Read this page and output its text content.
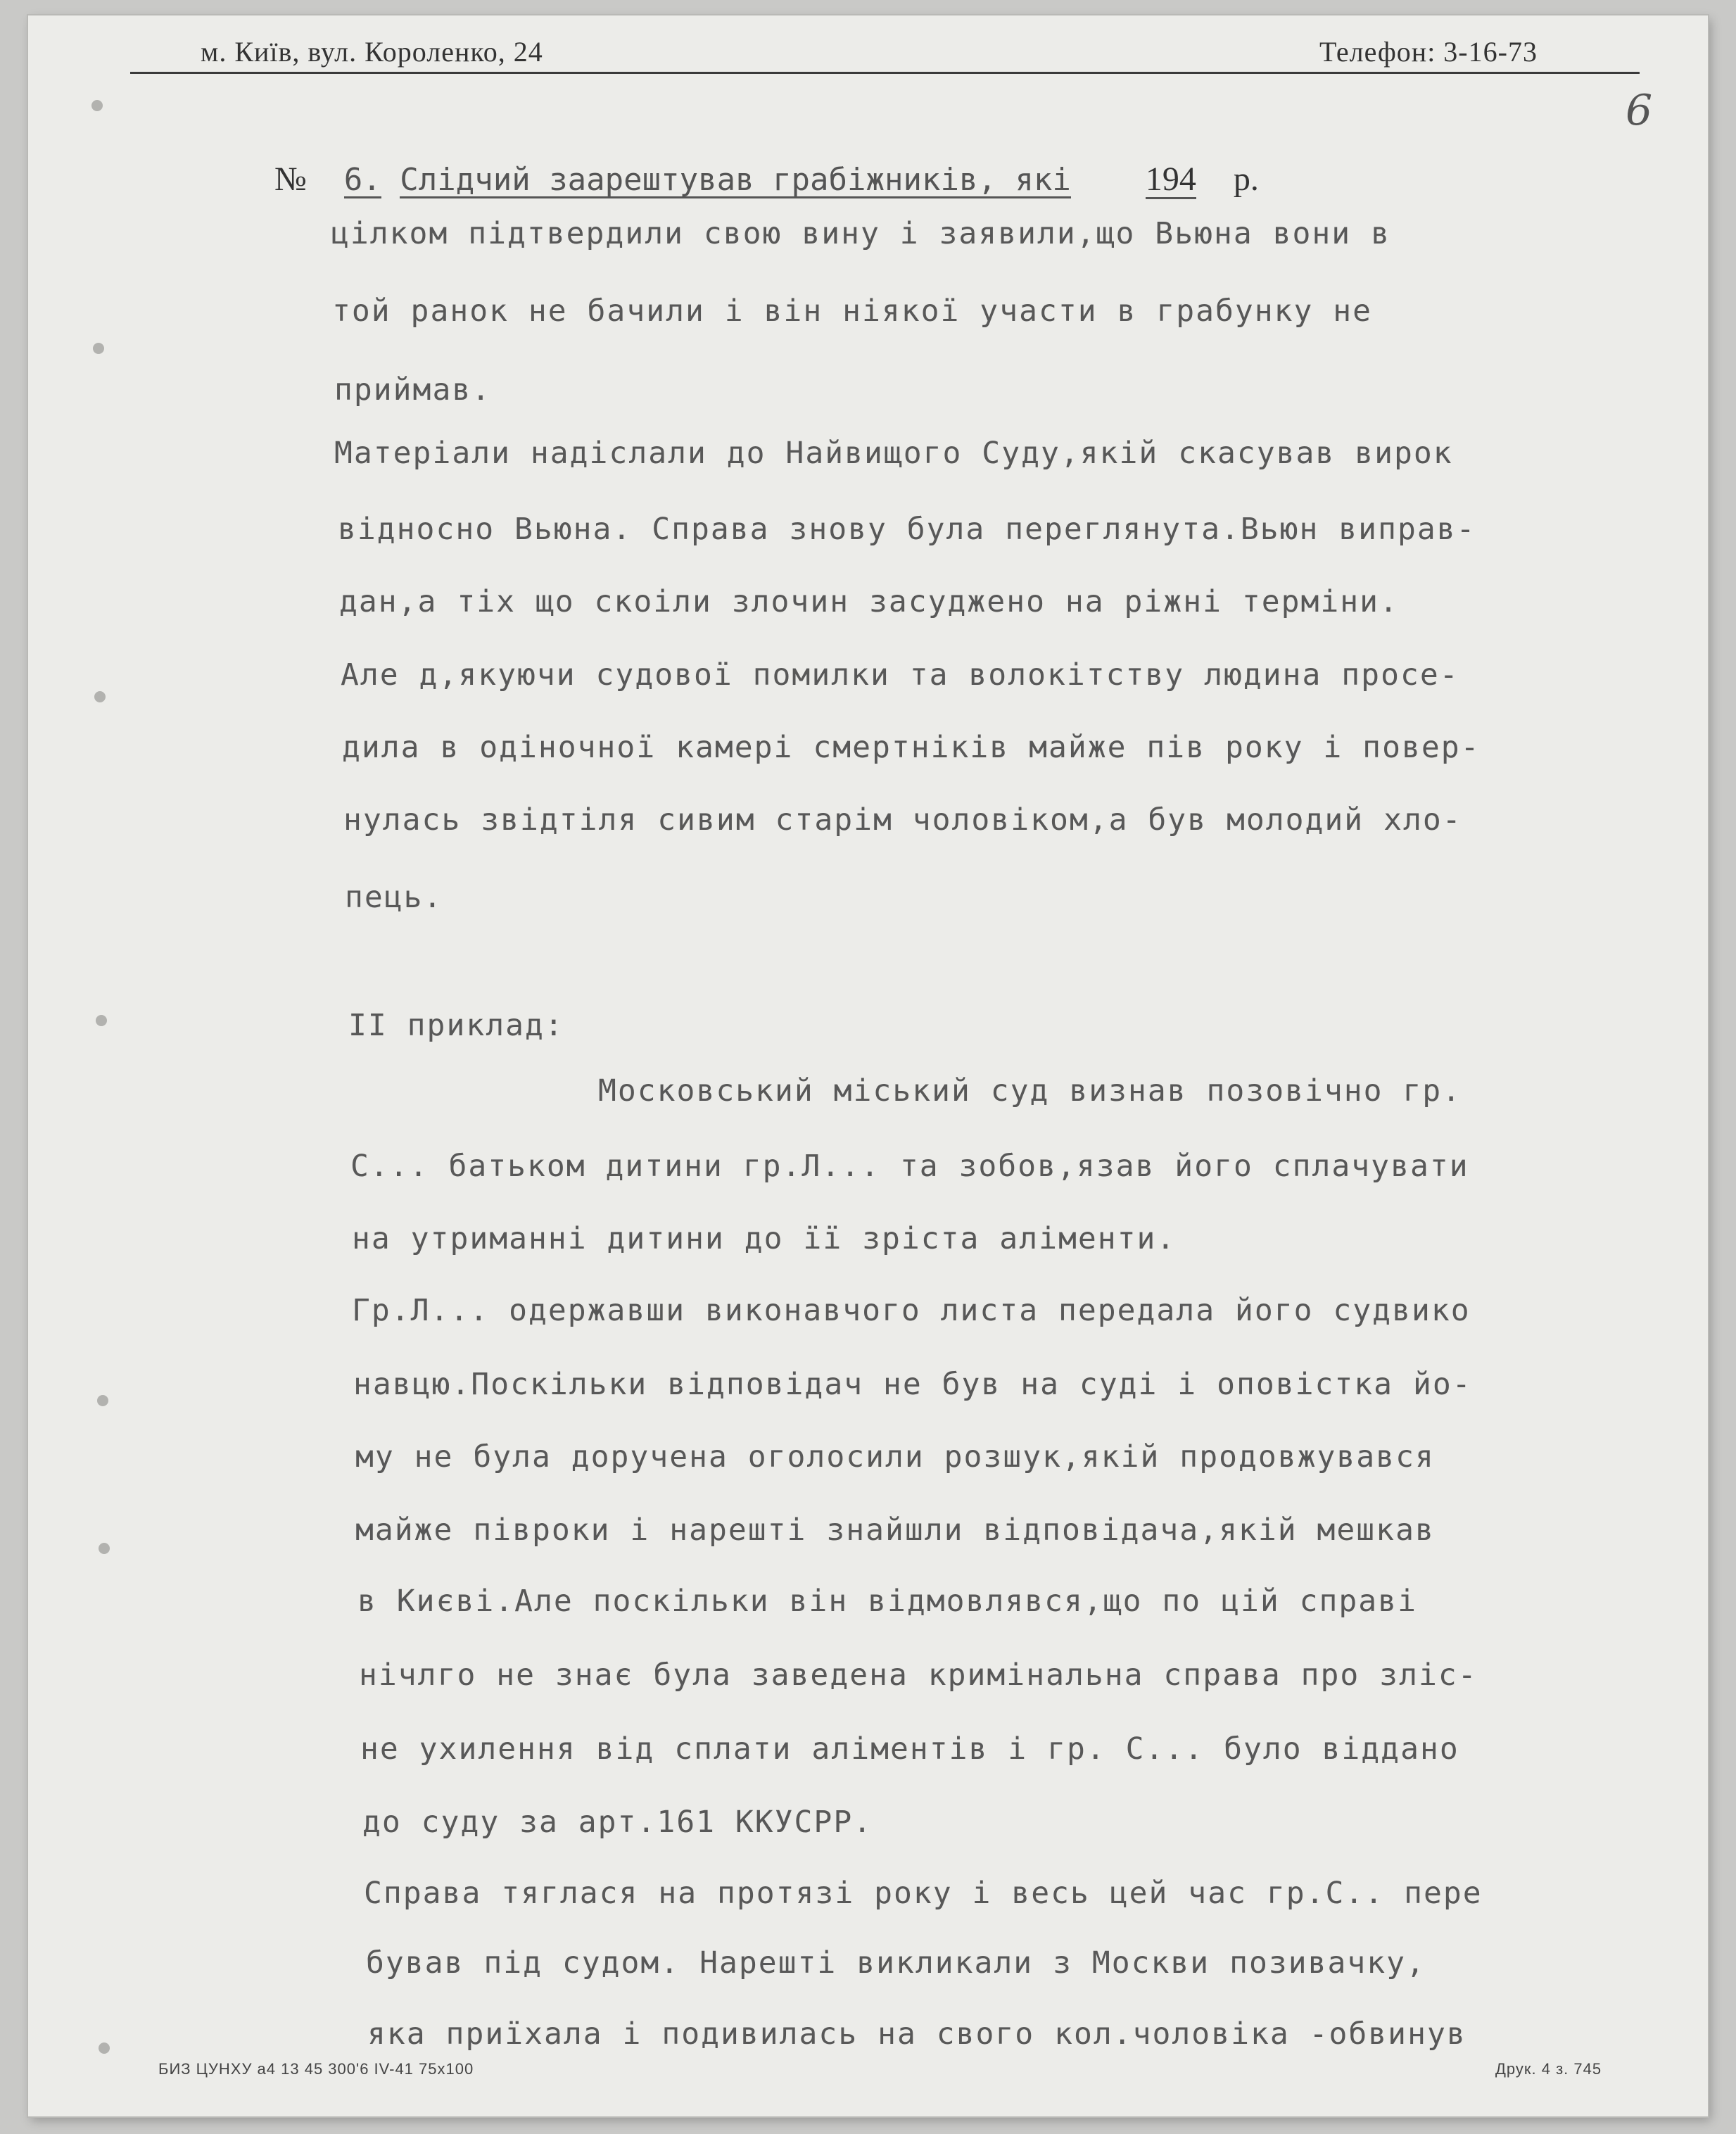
м. Київ, вул. Короленко, 24	Телефон: 3-16-73
6
№ 6. Слідчий заарештував грабіжників, які 194 р.
цілком підтвердили свою вину і заявили,що Вьюна вони в
той ранок не бачили і він ніякої участи в грабунку не
приймав.
Матеріали надіслали до Найвищого Суду,якій скасував вирок
відносно Вьюна. Справа знову була переглянута.Вьюн виправ-
дан,а тіх що скоіли злочин засуджено на ріжні терміни.
Але д,якуючи судової помилки та волокітству людина просе-
дила в одіночної камері смертніків майже пів року і повер-
нулась звідтіля сивим старім чоловіком,а був молодий хло-
пець.
II приклад:
Московський міський суд визнав позовічно гр.
С... батьком дитини гр.Л... та зобов,язав його сплачувати
на утриманні дитини до її зріста аліменти.
Гр.Л... одержавши виконавчого листа передала його судвико
навцю.Поскільки відповідач не був на суді і оповістка йо-
му не була доручена оголосили розшук,якій продовжувався
майже півроки і нарешті знайшли відповідача,якій мешкав
в Києві.Але поскільки він відмовлявся,що по цій справі
нічлго не знає була заведена кримінальна справа про зліс-
не ухилення від сплати аліментів і гр. С... було віддано
до суду за арт.161 ККУСРР.
Справа тяглася на протязі року і весь цей час гр.С.. пере
бував під судом. Нарешті викликали з Москви позивачку,
яка приїхала і подивилась на свого кол.чоловіка -обвинув
БИЗ ЦУНХУ a4 13 45 300'6 IV-41 75x100	Друк. 4 з. 745
